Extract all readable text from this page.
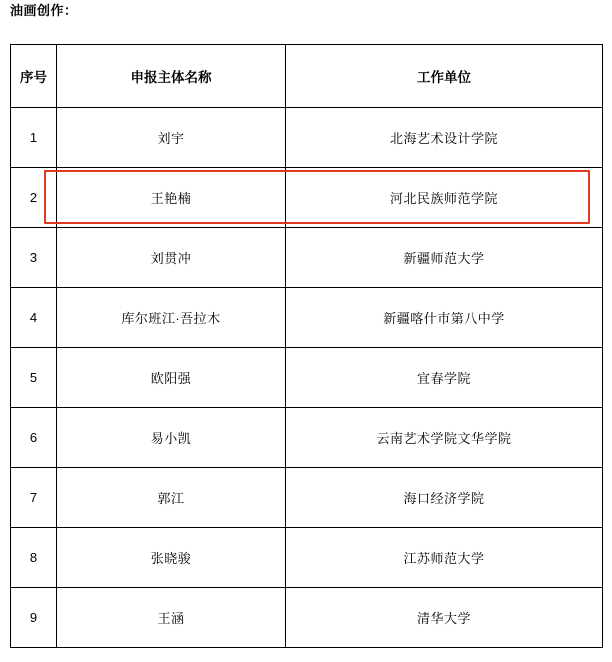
油画创作：
序号	申报主体名称	工作单位
1	刘宇	北海艺术设计学院
2	王艳楠	河北民族师范学院
3	刘贯冲	新疆师范大学
4	库尔班江·吾拉木	新疆喀什市第八中学
5	欧阳强	宜春学院
6	易小凯	云南艺术学院文华学院
7	郭江	海口经济学院
8	张晓骏	江苏师范大学
9	王涵	清华大学
